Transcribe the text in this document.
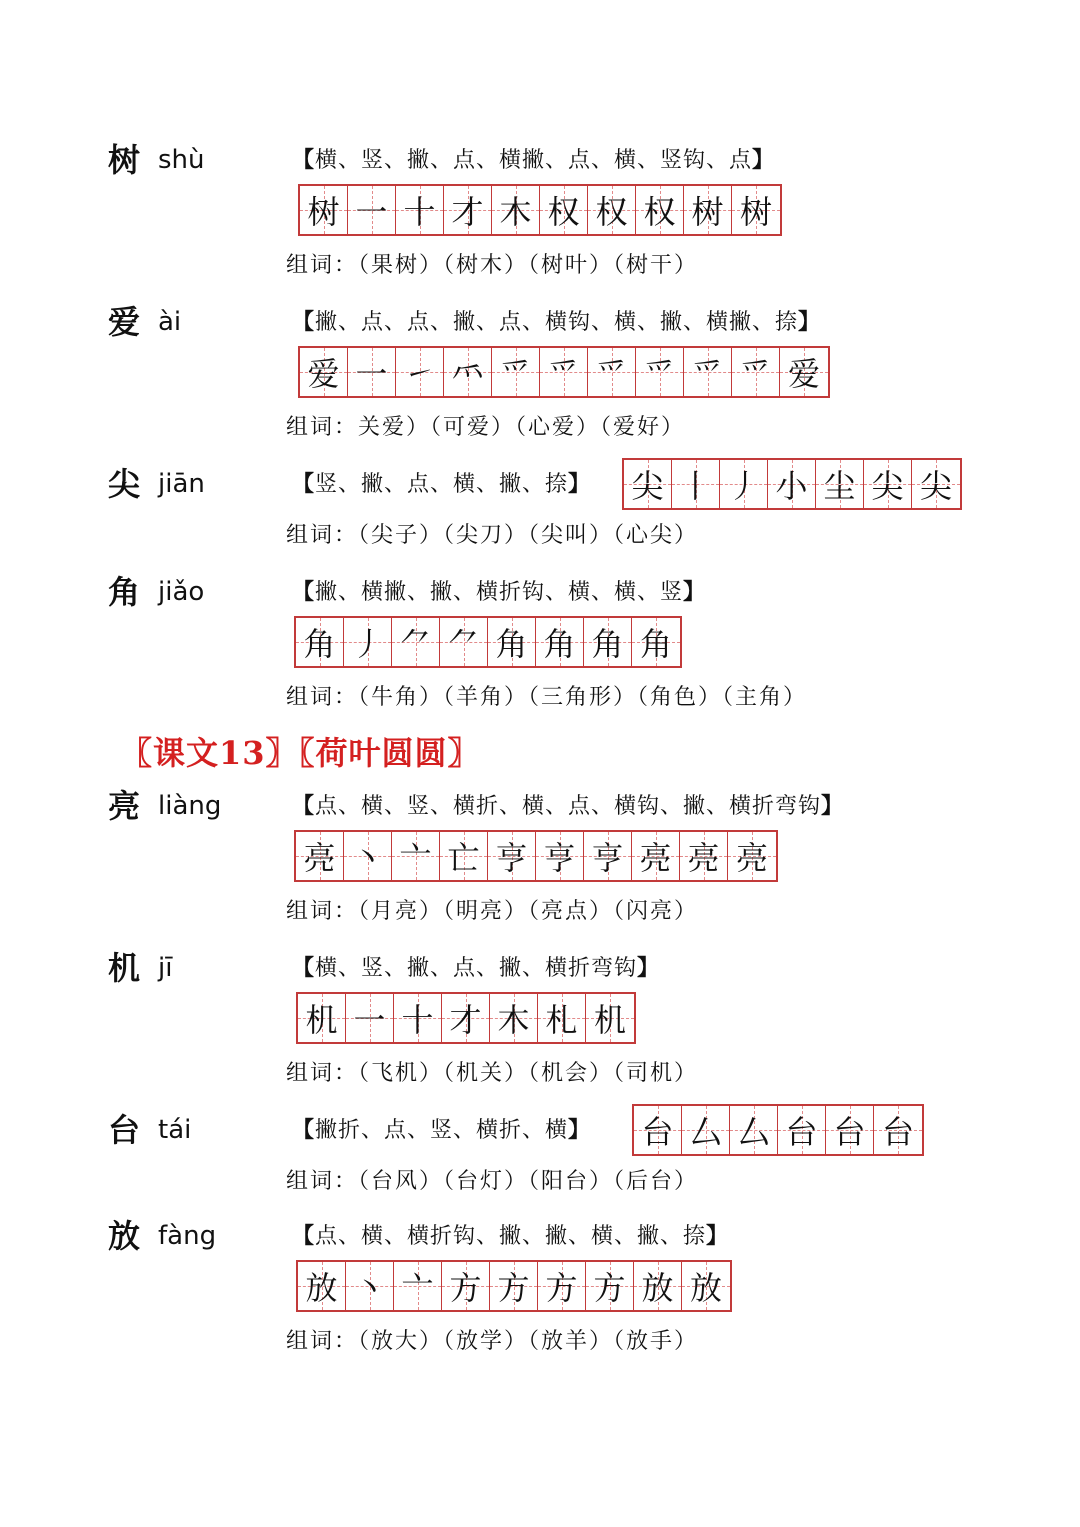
树 shù	【横、竖、撇、点、横撇、点、横、竖钩、点】
树 一 十 才 木 权 权 权 树 树
组词：（果树）（树木）（树叶）（树干）
爱 ài	【撇、点、点、撇、点、横钩、横、撇、横撇、捺】
爱 一 ㇀ ⺤ 爫 爫 爫 爫 爫 爫 爱
组词：关爱）（可爱）（心爱）（爱好）
尖 jiān	【竖、撇、点、横、撇、捺】 尖 丨 丿 小 尘 尖 尖
组词：（尖子）（尖刀）（尖叫）（心尖）
角 jiǎo	【撇、横撇、撇、横折钩、横、横、竖】
角 丿 ⺈ ⺈ 角 角 角 角
组词：（牛角）（羊角）（三角形）（角色）（主角）
〖课文13〗〖荷叶圆圆〗
亮 liàng	【点、横、竖、横折、横、点、横钩、撇、横折弯钩】
亮 丶 亠 亡 亨 亨 亨 亮 亮 亮
组词：（月亮）（明亮）（亮点）（闪亮）
机 jī	【横、竖、撇、点、撇、横折弯钩】
机 一 十 才 木 札 机
组词：（飞机）（机关）（机会）（司机）
台 tái	【撇折、点、竖、横折、横】 台 厶 厶 台 台 台
组词：（台风）（台灯）（阳台）（后台）
放 fàng	【点、横、横折钩、撇、撇、横、撇、捺】
放 丶 亠 方 方 方 方 放 放
组词：（放大）（放学）（放羊）（放手）
